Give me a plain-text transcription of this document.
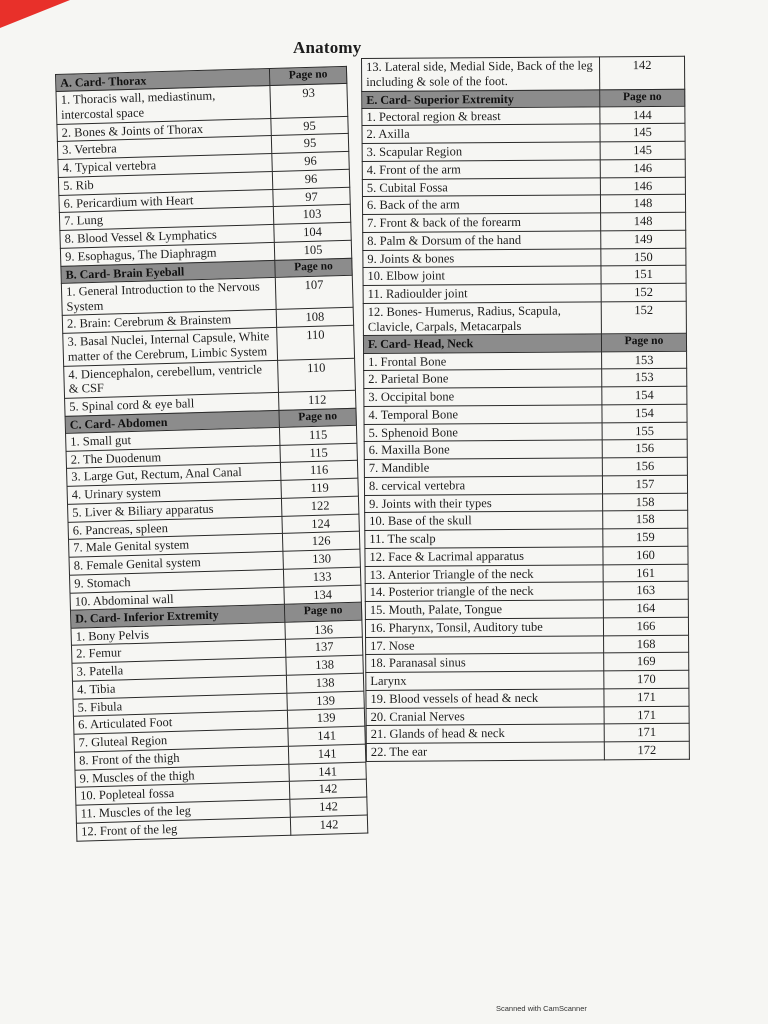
Anatomy
A. Card- Thorax	Page no
1. Thoracis wall, mediastinum, intercostal space	93
2. Bones & Joints of Thorax	95
3. Vertebra	95
4. Typical vertebra	96
5. Rib	96
6. Pericardium with Heart	97
7. Lung	103
8. Blood Vessel & Lymphatics	104
9. Esophagus, The Diaphragm	105
B. Card- Brain Eyeball	Page no
1. General Introduction to the Nervous System	107
2. Brain: Cerebrum & Brainstem	108
3. Basal Nuclei, Internal Capsule, White matter of the Cerebrum, Limbic System	110
4. Diencephalon, cerebellum, ventricle & CSF	110
5. Spinal cord & eye ball	112
C. Card- Abdomen	Page no
1. Small gut	115
2. The Duodenum	115
3. Large Gut, Rectum, Anal Canal	116
4. Urinary system	119
5. Liver & Biliary apparatus	122
6. Pancreas, spleen	124
7. Male Genital system	126
8. Female Genital system	130
9. Stomach	133
10. Abdominal wall	134
D. Card- Inferior Extremity	Page no
1. Bony Pelvis	136
2. Femur	137
3. Patella	138
4. Tibia	138
5. Fibula	139
6. Articulated Foot	139
7. Gluteal Region	141
8. Front of the thigh	141
9. Muscles of the thigh	141
10. Popleteal fossa	142
11. Muscles of the leg	142
12. Front of the leg	142
13. Lateral side, Medial Side, Back of the leg including & sole of the foot.	142
E. Card- Superior Extremity	Page no
1. Pectoral region & breast	144
2. Axilla	145
3. Scapular Region	145
4. Front of the arm	146
5. Cubital Fossa	146
6. Back of the arm	148
7. Front & back of the forearm	148
8. Palm & Dorsum of the hand	149
9. Joints & bones	150
10. Elbow joint	151
11. Radioulder joint	152
12. Bones- Humerus, Radius, Scapula, Clavicle, Carpals, Metacarpals	152
F. Card- Head, Neck	Page no
1. Frontal Bone	153
2. Parietal Bone	153
3. Occipital bone	154
4. Temporal Bone	154
5. Sphenoid Bone	155
6. Maxilla Bone	156
7. Mandible	156
8. cervical vertebra	157
9. Joints with their types	158
10. Base of the skull	158
11. The scalp	159
12. Face & Lacrimal apparatus	160
13. Anterior Triangle of the neck	161
14. Posterior triangle of the neck	163
15. Mouth, Palate, Tongue	164
16. Pharynx, Tonsil, Auditory tube	166
17. Nose	168
18. Paranasal sinus	169
Larynx	170
19. Blood vessels of head & neck	171
20. Cranial Nerves	171
21. Glands of head & neck	171
22. The ear	172
Scanned with CamScanner
